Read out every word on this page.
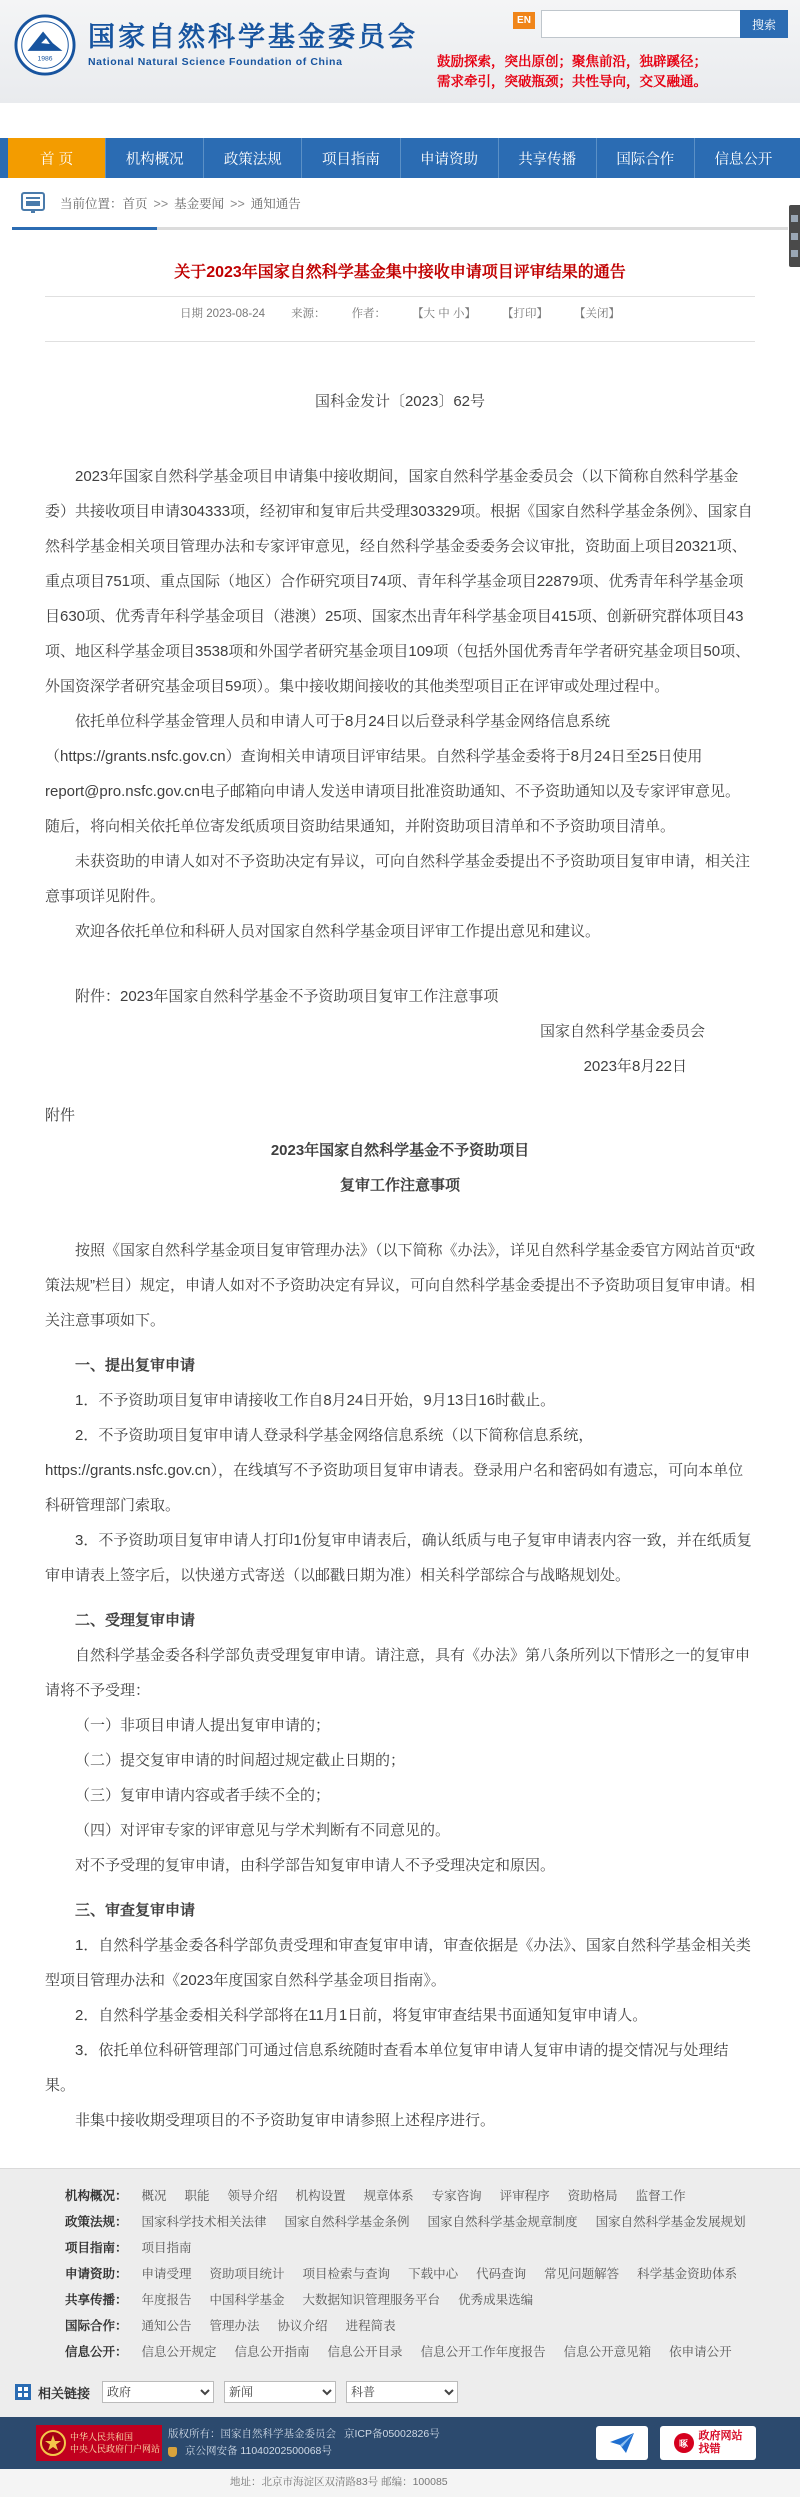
1986
国家自然科学基金委员会
National Natural Science Foundation of China
EN	搜索
鼓励探索，突出原创；聚焦前沿，独辟蹊径；
需求牵引，突破瓶颈；共性导向，交叉融通。
首 页	机构概况	政策法规	项目指南	申请资助	共享传播	国际合作	信息公开
当前位置：首页 >> 基金要闻 >> 通知通告
关于2023年国家自然科学基金集中接收申请项目评审结果的通告
日期 2023-08-24 来源： 作者： 【大 中 小】 【打印】 【关闭】
国科金发计〔2023〕62号
2023年国家自然科学基金项目申请集中接收期间，国家自然科学基金委员会（以下简称自然科学基金委）共接收项目申请304333项，经初审和复审后共受理303329项。根据《国家自然科学基金条例》、国家自然科学基金相关项目管理办法和专家评审意见，经自然科学基金委委务会议审批，资助面上项目20321项、重点项目751项、重点国际（地区）合作研究项目74项、青年科学基金项目22879项、优秀青年科学基金项目630项、优秀青年科学基金项目（港澳）25项、国家杰出青年科学基金项目415项、创新研究群体项目43项、地区科学基金项目3538项和外国学者研究基金项目109项（包括外国优秀青年学者研究基金项目50项、外国资深学者研究基金项目59项）。集中接收期间接收的其他类型项目正在评审或处理过程中。
依托单位科学基金管理人员和申请人可于8月24日以后登录科学基金网络信息系统（https://grants.nsfc.gov.cn）查询相关申请项目评审结果。自然科学基金委将于8月24日至25日使用report@pro.nsfc.gov.cn电子邮箱向申请人发送申请项目批准资助通知、不予资助通知以及专家评审意见。随后，将向相关依托单位寄发纸质项目资助结果通知，并附资助项目清单和不予资助项目清单。
未获资助的申请人如对不予资助决定有异议，可向自然科学基金委提出不予资助项目复审申请，相关注意事项详见附件。
欢迎各依托单位和科研人员对国家自然科学基金项目评审工作提出意见和建议。
附件：2023年国家自然科学基金不予资助项目复审工作注意事项
国家自然科学基金委员会
2023年8月22日
附件
2023年国家自然科学基金不予资助项目
复审工作注意事项
按照《国家自然科学基金项目复审管理办法》（以下简称《办法》，详见自然科学基金委官方网站首页“政策法规”栏目）规定，申请人如对不予资助决定有异议，可向自然科学基金委提出不予资助项目复审申请。相关注意事项如下。
一、提出复审申请
1．不予资助项目复审申请接收工作自8月24日开始，9月13日16时截止。
2．不予资助项目复审申请人登录科学基金网络信息系统（以下简称信息系统，https://grants.nsfc.gov.cn），在线填写不予资助项目复审申请表。登录用户名和密码如有遗忘，可向本单位科研管理部门索取。
3．不予资助项目复审申请人打印1份复审申请表后，确认纸质与电子复审申请表内容一致，并在纸质复审申请表上签字后，以快递方式寄送（以邮戳日期为准）相关科学部综合与战略规划处。
二、受理复审申请
自然科学基金委各科学部负责受理复审申请。请注意，具有《办法》第八条所列以下情形之一的复审申请将不予受理：
（一）非项目申请人提出复审申请的；
（二）提交复审申请的时间超过规定截止日期的；
（三）复审申请内容或者手续不全的；
（四）对评审专家的评审意见与学术判断有不同意见的。
对不予受理的复审申请，由科学部告知复审申请人不予受理决定和原因。
三、审查复审申请
1．自然科学基金委各科学部负责受理和审查复审申请，审查依据是《办法》、国家自然科学基金相关类型项目管理办法和《2023年度国家自然科学基金项目指南》。
2．自然科学基金委相关科学部将在11月1日前，将复审审查结果书面通知复审申请人。
3．依托单位科研管理部门可通过信息系统随时查看本单位复审申请人复审申请的提交情况与处理结果。
非集中接收期受理项目的不予资助复审申请参照上述程序进行。
机构概况： 概况 职能 领导介绍 机构设置 规章体系 专家咨询 评审程序 资助格局 监督工作
政策法规： 国家科学技术相关法律 国家自然科学基金条例 国家自然科学基金规章制度 国家自然科学基金发展规划
项目指南： 项目指南
申请资助： 申请受理 资助项目统计 项目检索与查询 下载中心 代码查询 常见问题解答 科学基金资助体系
共享传播： 年度报告 中国科学基金 大数据知识管理服务平台 优秀成果选编
国际合作： 通知公告 管理办法 协议介绍 进程简表
信息公开： 信息公开规定 信息公开指南 信息公开目录 信息公开工作年度报告 信息公开意见箱 依申请公开
相关链接
政府
新闻
科普
中华人民共和国
中央人民政府门户网站
版权所有：国家自然科学基金委员会 京ICP备05002826号
京公网安备 11040202500068号
啄
政府网站
找错
地址：北京市海淀区双清路83号 邮编：100085
